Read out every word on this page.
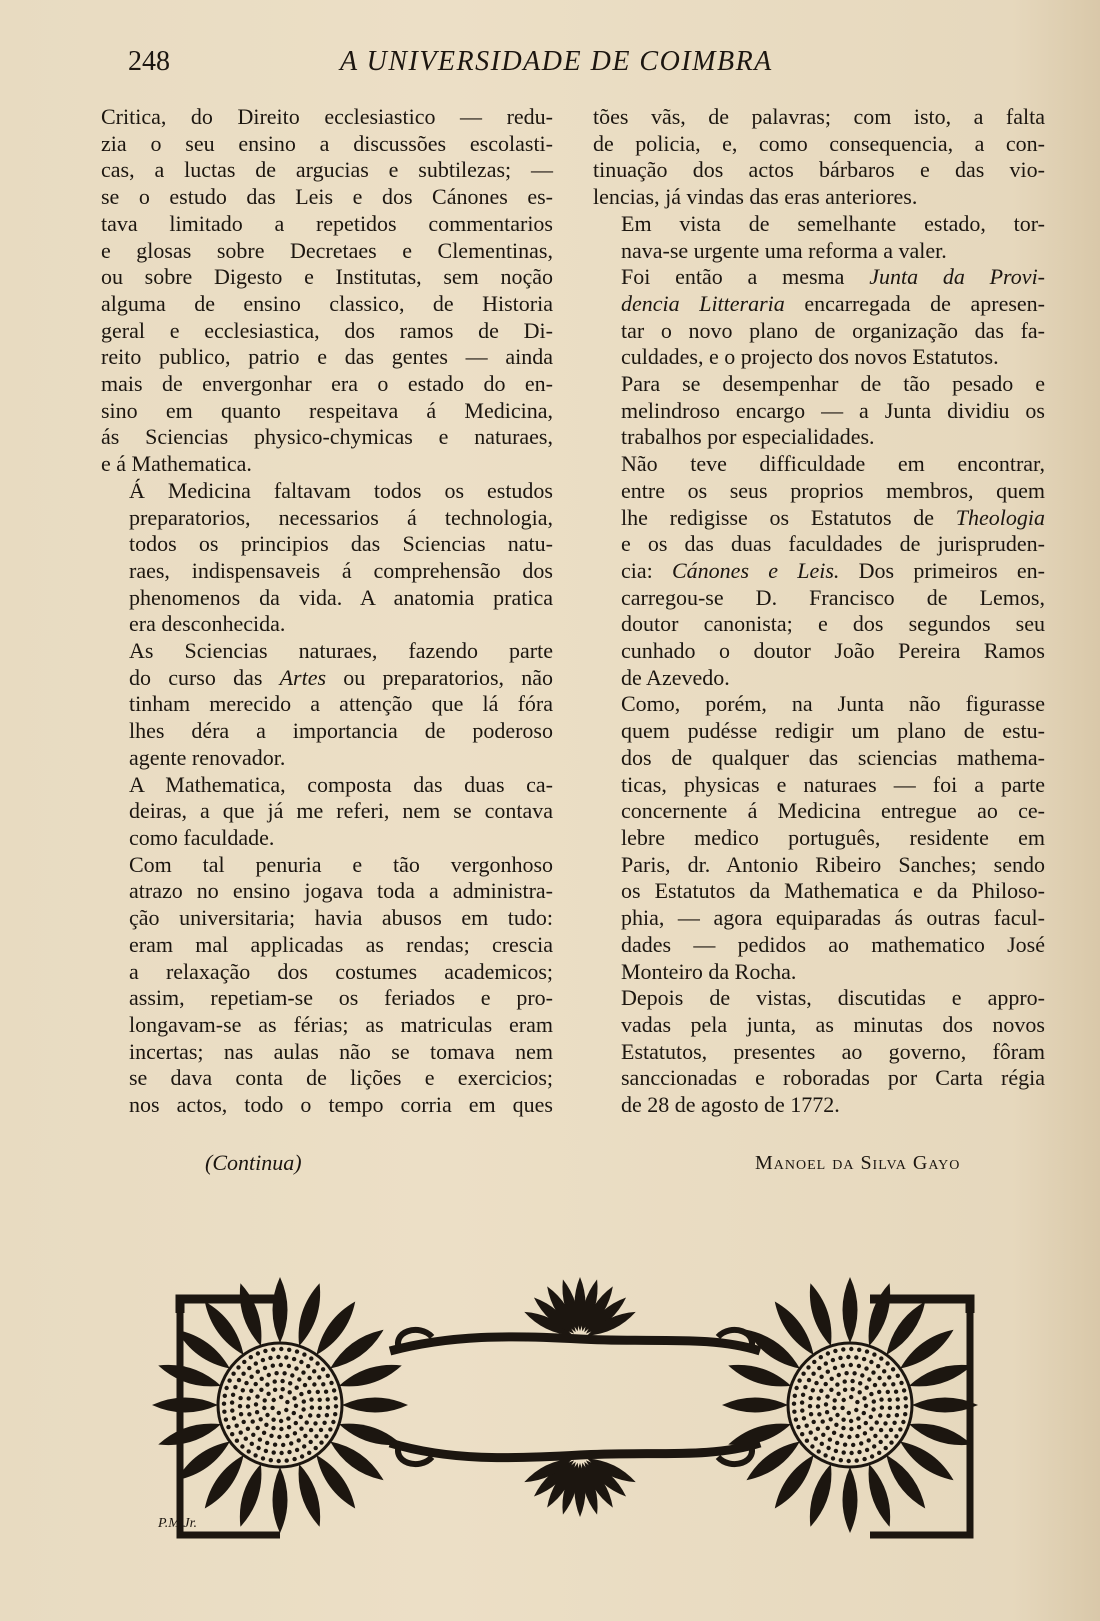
248	A UNIVERSIDADE DE COIMBRA

Critica, do Direito ecclesiastico — redu-
zia o seu ensino a discussões escolasti-
cas, a luctas de argucias e subtilezas; —
se o estudo das Leis e dos Cánones es-
tava limitado a repetidos commentarios
e glosas sobre Decretaes e Clementinas,
ou sobre Digesto e Institutas, sem noção
alguma de ensino classico, de Historia
geral e ecclesiastica, dos ramos de Di-
reito publico, patrio e das gentes — ainda
mais de envergonhar era o estado do en-
sino em quanto respeitava á Medicina,
ás Sciencias physico-chymicas e naturaes,
e á Mathematica.

Á Medicina faltavam todos os estudos
preparatorios, necessarios á technologia,
todos os principios das Sciencias natu-
raes, indispensaveis á comprehensão dos
phenomenos da vida. A anatomia pratica
era desconhecida.

As Sciencias naturaes, fazendo parte
do curso das Artes ou preparatorios, não
tinham merecido a attenção que lá fóra
lhes déra a importancia de poderoso
agente renovador.

A Mathematica, composta das duas ca-
deiras, a que já me referi, nem se contava
como faculdade.

Com tal penuria e tão vergonhoso
atrazo no ensino jogava toda a administra-
ção universitaria; havia abusos em tudo:
eram mal applicadas as rendas; crescia
a relaxação dos costumes academicos;
assim, repetiam-se os feriados e pro-
longavam-se as férias; as matriculas eram
incertas; nas aulas não se tomava nem
se dava conta de lições e exercicios;
nos actos, todo o tempo corria em ques

tões vãs, de palavras; com isto, a falta
de policia, e, como consequencia, a con-
tinuação dos actos bárbaros e das vio-
lencias, já vindas das eras anteriores.

Em vista de semelhante estado, tor-
nava-se urgente uma reforma a valer.

Foi então a mesma Junta da Provi-
dencia Litteraria encarregada de apresen-
tar o novo plano de organização das fa-
culdades, e o projecto dos novos Estatutos.

Para se desempenhar de tão pesado e
melindroso encargo — a Junta dividiu os
trabalhos por especialidades.

Não teve difficuldade em encontrar,
entre os seus proprios membros, quem
lhe redigisse os Estatutos de Theologia
e os das duas faculdades de jurispruden-
cia: Cánones e Leis. Dos primeiros en-
carregou-se D. Francisco de Lemos,
doutor canonista; e dos segundos seu
cunhado o doutor João Pereira Ramos
de Azevedo.

Como, porém, na Junta não figurasse
quem pudésse redigir um plano de estu-
dos de qualquer das sciencias mathema-
ticas, physicas e naturaes — foi a parte
concernente á Medicina entregue ao ce-
lebre medico português, residente em
Paris, dr. Antonio Ribeiro Sanches; sendo
os Estatutos da Mathematica e da Philoso-
phia, — agora equiparadas ás outras facul-
dades — pedidos ao mathematico José
Monteiro da Rocha.

Depois de vistas, discutidas e appro-
vadas pela junta, as minutas dos novos
Estatutos, presentes ao governo, fôram
sanccionadas e roboradas por Carta régia
de 28 de agosto de 1772.

(Continua)	Manoel da Silva Gayo
P.M.Jr.
